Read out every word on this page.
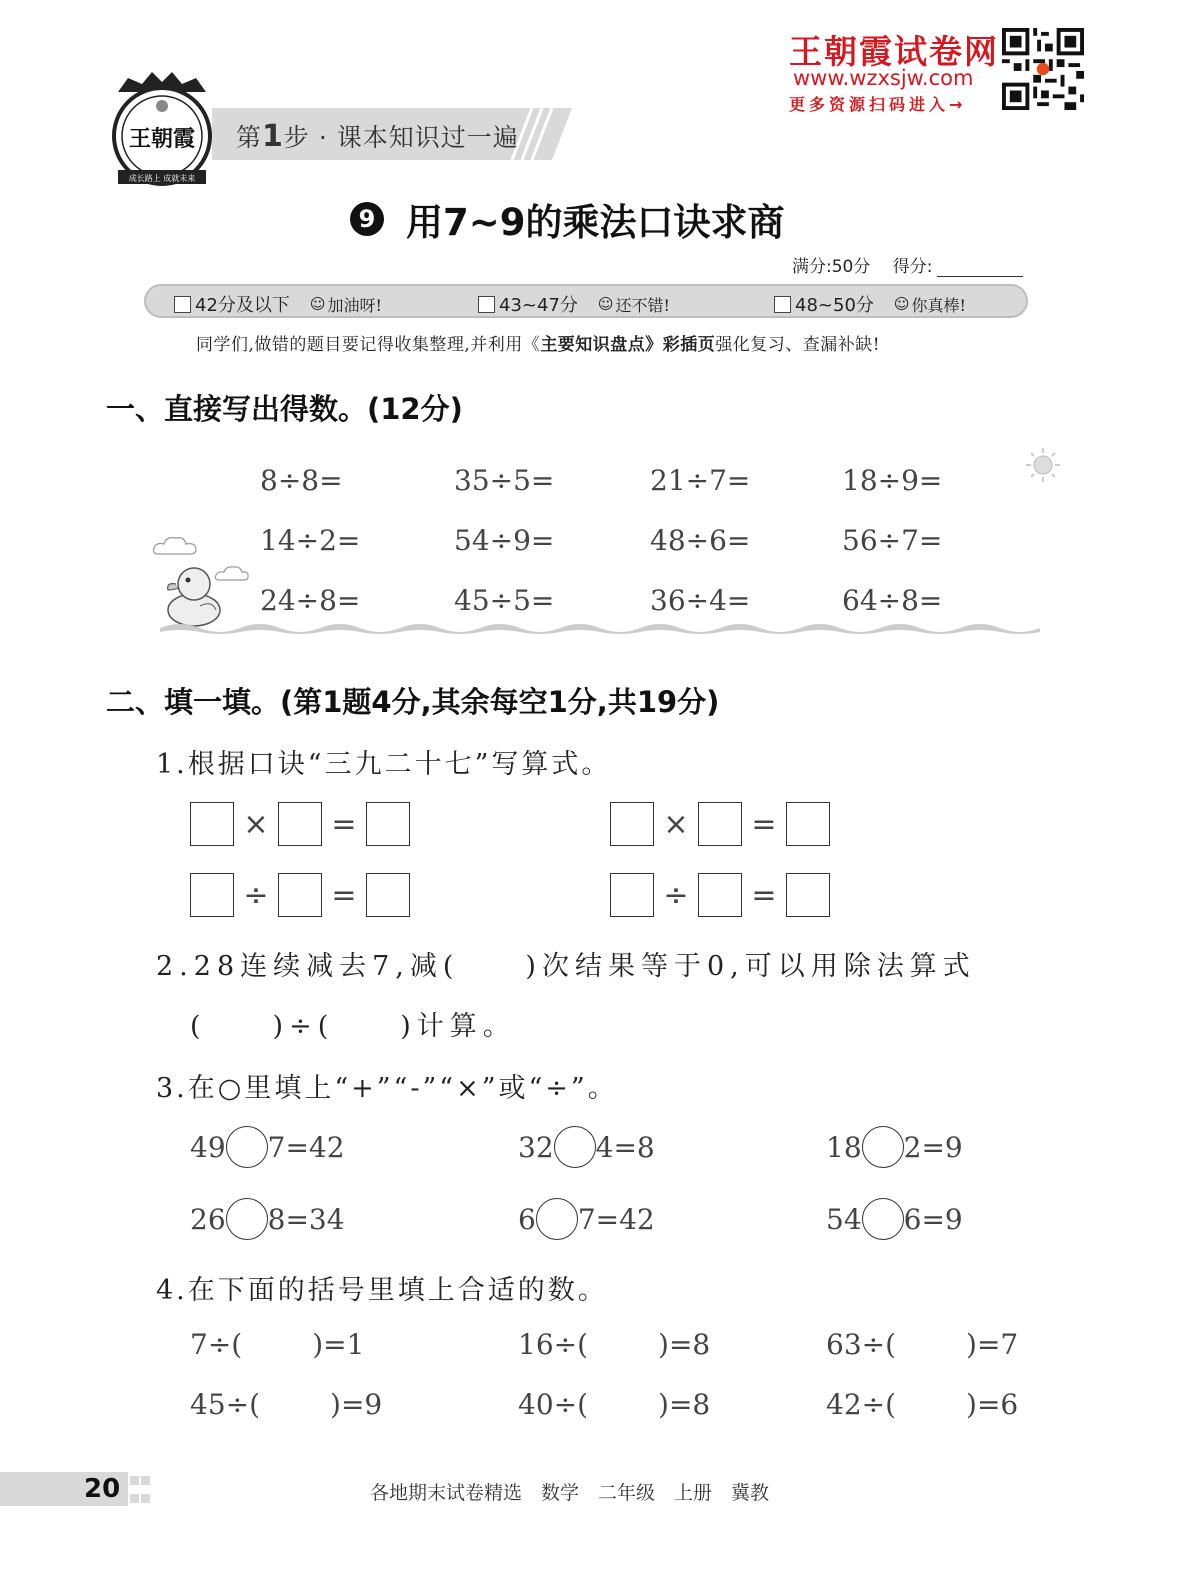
王朝霞
成长路上 成就未来
第1步 · 课本知识过一遍
王朝霞试卷网
www.wzxsjw.com
更多资源扫码进入→
9 用7~9的乘法口诀求商
满分:50分　 得分:
42分及以下 ☺ 加油呀!	43~47分 ☺ 还不错!	48~50分 ☺ 你真棒!
同学们,做错的题目要记得收集整理,并利用《主要知识盘点》彩插页强化复习、查漏补缺!
一、直接写出得数。(12分)
8÷8=	35÷5=	21÷7=	18÷9=
14÷2=	54÷9=	48÷6=	56÷7=
24÷8=	45÷5=	36÷4=	64÷8=
二、填一填。(第1题4分,其余每空1分,共19分)
1.根据口诀“三九二十七”写算式。
×	=	×	=
÷	=	÷	=
2.28连续减去7,减(　　)次结果等于0,可以用除法算式
(　　)÷(　　)计算。
3.在○里填上“+”“-”“×”或“÷”。
49 7=42	32 4=8	18 2=9
26 8=34	6 7=42	54 6=9
4.在下面的括号里填上合适的数。
7÷(	)=1	16÷(	)=8	63÷(	)=7
45÷(	)=9	40÷(	)=8	42÷(	)=6
20	各地期末试卷精选　数学　二年级　上册　冀教
